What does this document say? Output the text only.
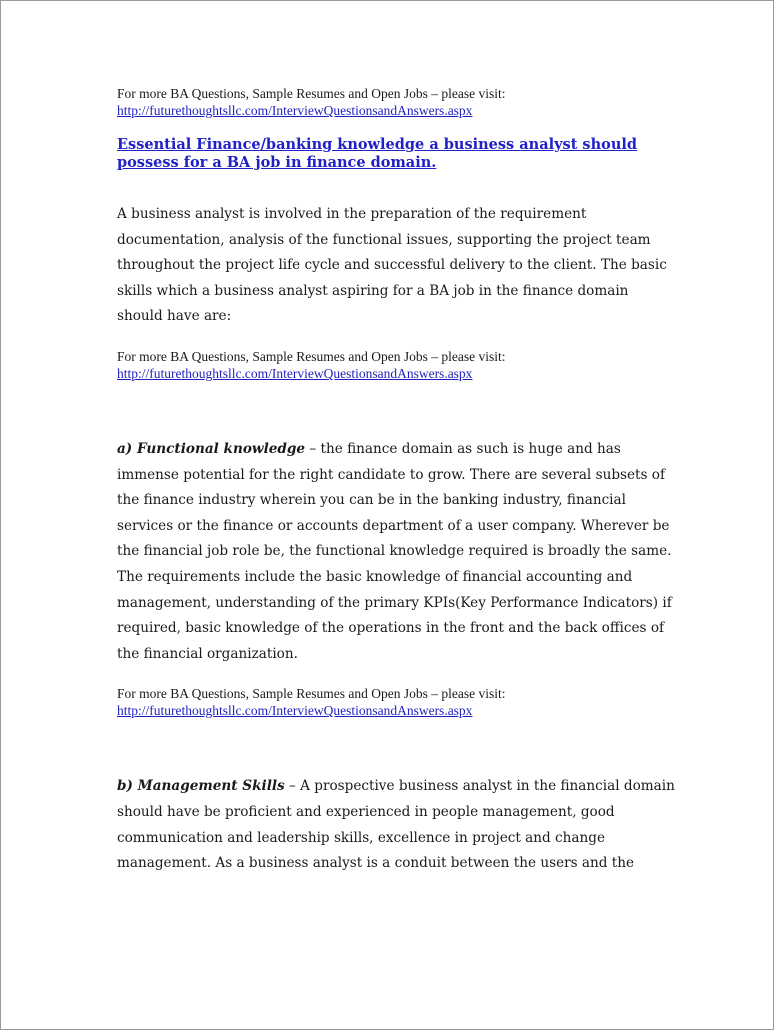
For more BA Questions, Sample Resumes and Open Jobs – please visit:
http://futurethoughtsllc.com/InterviewQuestionsandAnswers.aspx
Essential Finance/banking knowledge a business analyst should possess for a BA job in finance domain.
A business analyst is involved in the preparation of the requirement documentation, analysis of the functional issues, supporting the project team throughout the project life cycle and successful delivery to the client. The basic skills which a business analyst aspiring for a BA job in the finance domain should have are:
For more BA Questions, Sample Resumes and Open Jobs – please visit:
http://futurethoughtsllc.com/InterviewQuestionsandAnswers.aspx
a) Functional knowledge – the finance domain as such is huge and has immense potential for the right candidate to grow. There are several subsets of the finance industry wherein you can be in the banking industry, financial services or the finance or accounts department of a user company. Wherever be the financial job role be, the functional knowledge required is broadly the same. The requirements include the basic knowledge of financial accounting and management, understanding of the primary KPIs(Key Performance Indicators) if required, basic knowledge of the operations in the front and the back offices of the financial organization.
For more BA Questions, Sample Resumes and Open Jobs – please visit:
http://futurethoughtsllc.com/InterviewQuestionsandAnswers.aspx
b) Management Skills – A prospective business analyst in the financial domain should have be proficient and experienced in people management, good communication and leadership skills, excellence in project and change management. As a business analyst is a conduit between the users and the
